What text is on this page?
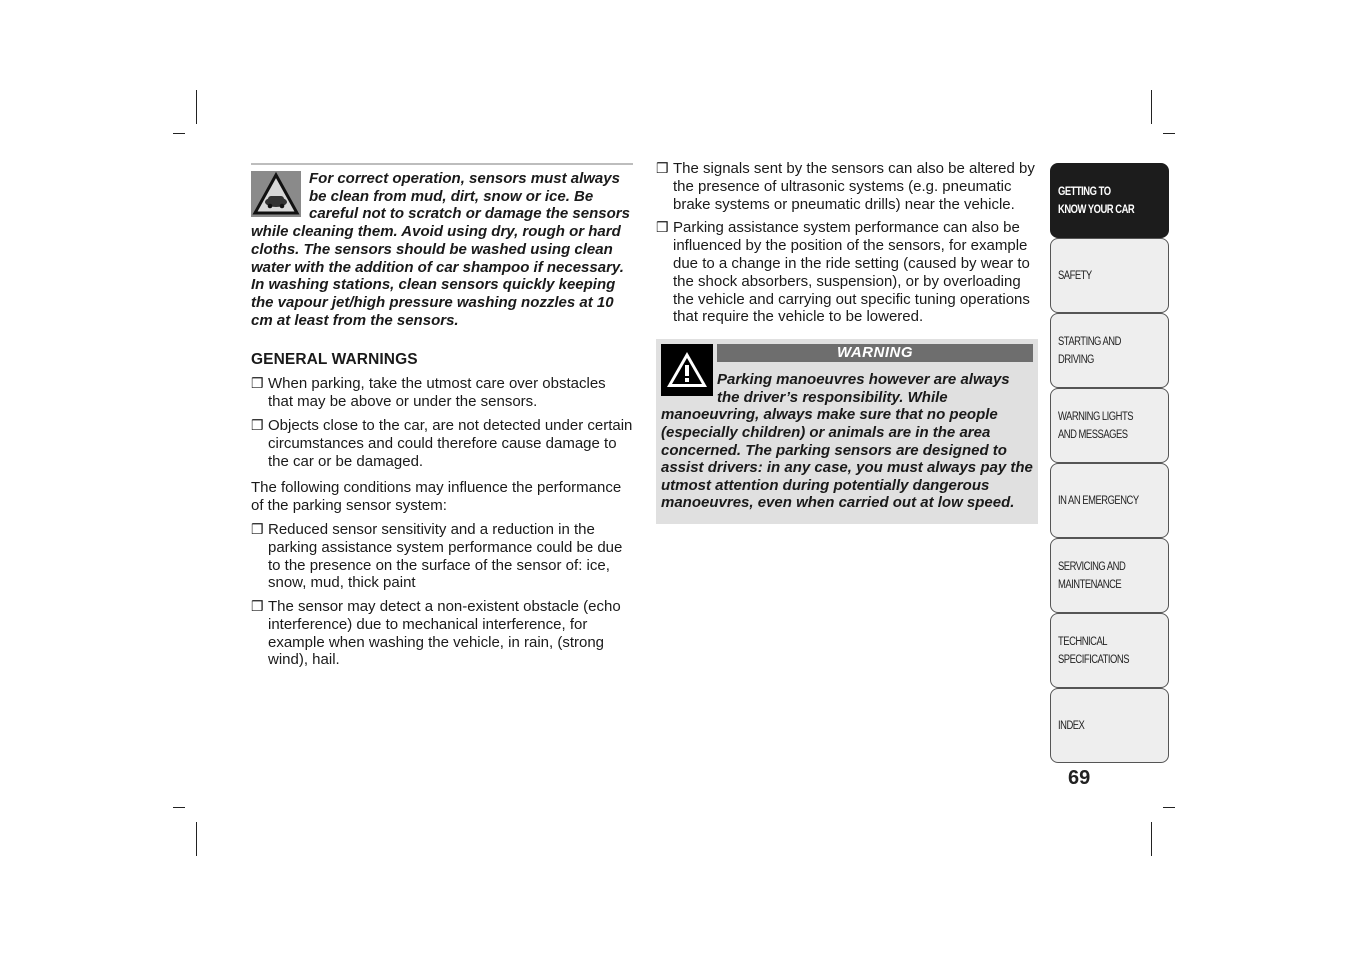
For correct operation, sensors must always be clean from mud, dirt, snow or ice. Be careful not to scratch or damage the sensors while cleaning them. Avoid using dry, rough or hard cloths. The sensors should be washed using clean water with the addition of car shampoo if necessary. In washing stations, clean sensors quickly keeping the vapour jet/high pressure washing nozzles at 10 cm at least from the sensors.

GENERAL WARNINGS
❒ When parking, take the utmost care over obstacles that may be above or under the sensors.
❒ Objects close to the car, are not detected under certain circumstances and could therefore cause damage to the car or be damaged.

The following conditions may influence the performance of the parking sensor system:

❒ Reduced sensor sensitivity and a reduction in the parking assistance system performance could be due to the presence on the surface of the sensor of: ice, snow, mud, thick paint
❒ The sensor may detect a non-existent obstacle (echo interference) due to mechanical interference, for example when washing the vehicle, in rain, (strong wind), hail.
❒ The signals sent by the sensors can also be altered by the presence of ultrasonic systems (e.g. pneumatic brake systems or pneumatic drills) near the vehicle.
❒ Parking assistance system performance can also be influenced by the position of the sensors, for example due to a change in the ride setting (caused by wear to the shock absorbers, suspension), or by overloading the vehicle and carrying out specific tuning operations that require the vehicle to be lowered.
WARNING

Parking manoeuvres however are always the driver’s responsibility. While manoeuvring, always make sure that no people (especially children) or animals are in the area concerned. The parking sensors are designed to assist drivers: in any case, you must always pay the utmost attention during potentially dangerous manoeuvres, even when carried out at low speed.

GETTING TO
KNOW YOUR CAR
SAFETY
STARTING AND
DRIVING
WARNING LIGHTS
AND MESSAGES
IN AN EMERGENCY
SERVICING AND
MAINTENANCE
TECHNICAL
SPECIFICATIONS
INDEX
69
